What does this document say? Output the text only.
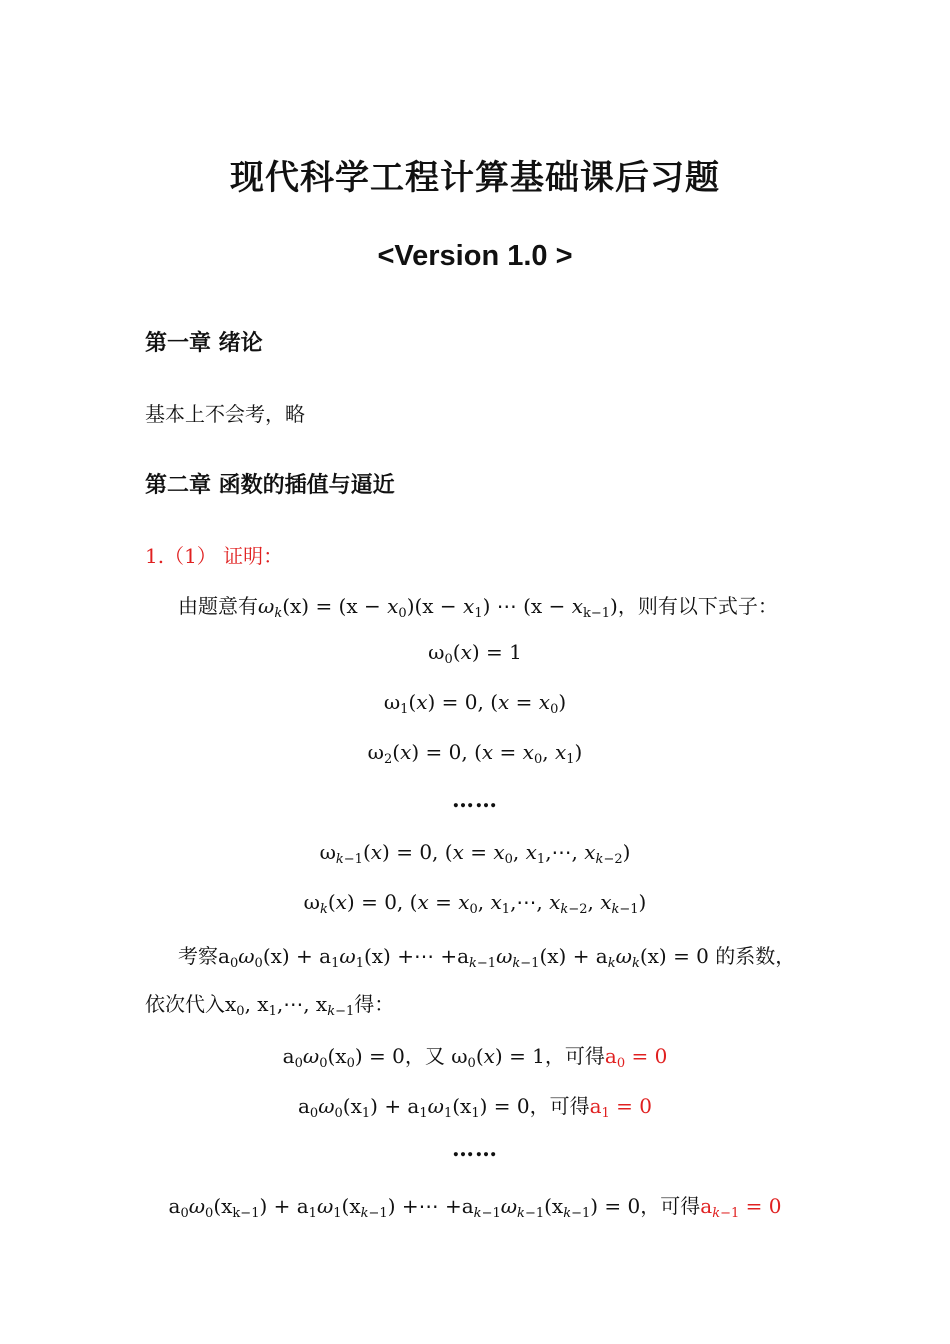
现代科学工程计算基础课后习题
<Version 1.0 >
第一章 绪论
基本上不会考，略
第二章 函数的插值与逼近
1.（1） 证明：
由题意有$\omega_k(x) = (x - x_0)(x - x_1)$ ⋯ $(x - x_{k-1})$，则有以下式子：
$\omega_0(x) = 1$
$\omega_1(x) = 0$, $(x = x_0)$
$\omega_2(x) = 0$, ($x = x_0$, $x_1$)
……
$\omega_{k-1}(x) = 0$, ($x = x_0$, $x_1,\cdots$, $x_{k-2}$)
$\omega_k(x) = 0$, ($x = x_0$, $x_1,\cdots$, $x_{k-2}$, $x_{k-1}$)
考察$a_0\omega_0(x) + a_1\omega_1(x)$ +⋯ $+a_{k-1}\omega_{k-1}(x) + a_k\omega_k(x) = 0$ 的系数，
依次代入$x_0$, $x_1,\cdots$, $x_{k-1}$得：
$a_0\omega_0(x_0) = 0$，又 $\omega_0(x) = 1$，可得$a_0 = 0$
$a_0\omega_0(x_1) + a_1\omega_1(x_1) = 0$，可得$a_1 = 0$
……
$a_0\omega_0(x_{k-1}) + a_1\omega_1(x_{k-1})$ +⋯ $+a_{k-1}\omega_{k-1}(x_{k-1}) = 0$，可得$a_{k-1} = 0$
